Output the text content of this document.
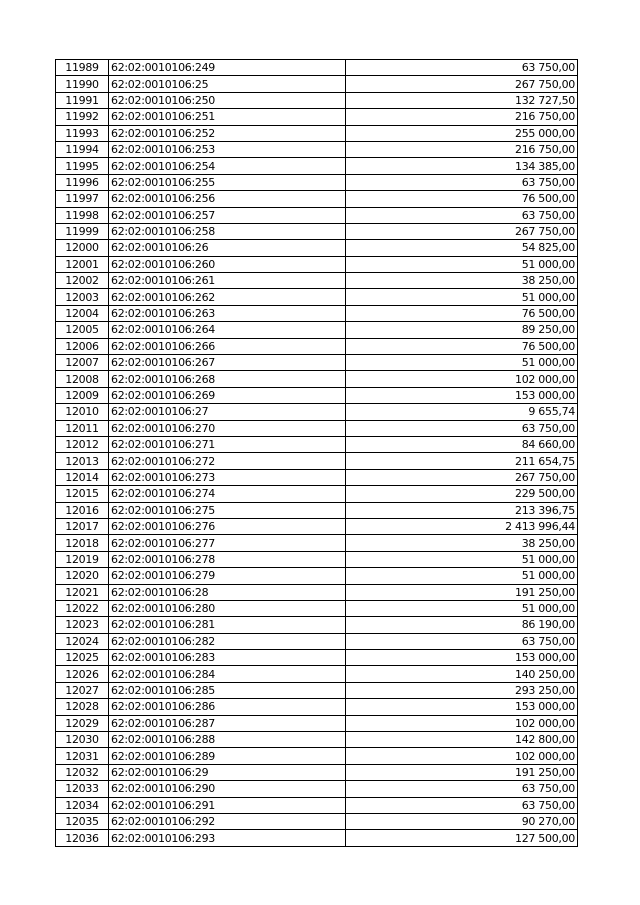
11989	62:02:0010106:249	63 750,00
11990	62:02:0010106:25	267 750,00
11991	62:02:0010106:250	132 727,50
11992	62:02:0010106:251	216 750,00
11993	62:02:0010106:252	255 000,00
11994	62:02:0010106:253	216 750,00
11995	62:02:0010106:254	134 385,00
11996	62:02:0010106:255	63 750,00
11997	62:02:0010106:256	76 500,00
11998	62:02:0010106:257	63 750,00
11999	62:02:0010106:258	267 750,00
12000	62:02:0010106:26	54 825,00
12001	62:02:0010106:260	51 000,00
12002	62:02:0010106:261	38 250,00
12003	62:02:0010106:262	51 000,00
12004	62:02:0010106:263	76 500,00
12005	62:02:0010106:264	89 250,00
12006	62:02:0010106:266	76 500,00
12007	62:02:0010106:267	51 000,00
12008	62:02:0010106:268	102 000,00
12009	62:02:0010106:269	153 000,00
12010	62:02:0010106:27	9 655,74
12011	62:02:0010106:270	63 750,00
12012	62:02:0010106:271	84 660,00
12013	62:02:0010106:272	211 654,75
12014	62:02:0010106:273	267 750,00
12015	62:02:0010106:274	229 500,00
12016	62:02:0010106:275	213 396,75
12017	62:02:0010106:276	2 413 996,44
12018	62:02:0010106:277	38 250,00
12019	62:02:0010106:278	51 000,00
12020	62:02:0010106:279	51 000,00
12021	62:02:0010106:28	191 250,00
12022	62:02:0010106:280	51 000,00
12023	62:02:0010106:281	86 190,00
12024	62:02:0010106:282	63 750,00
12025	62:02:0010106:283	153 000,00
12026	62:02:0010106:284	140 250,00
12027	62:02:0010106:285	293 250,00
12028	62:02:0010106:286	153 000,00
12029	62:02:0010106:287	102 000,00
12030	62:02:0010106:288	142 800,00
12031	62:02:0010106:289	102 000,00
12032	62:02:0010106:29	191 250,00
12033	62:02:0010106:290	63 750,00
12034	62:02:0010106:291	63 750,00
12035	62:02:0010106:292	90 270,00
12036	62:02:0010106:293	127 500,00
